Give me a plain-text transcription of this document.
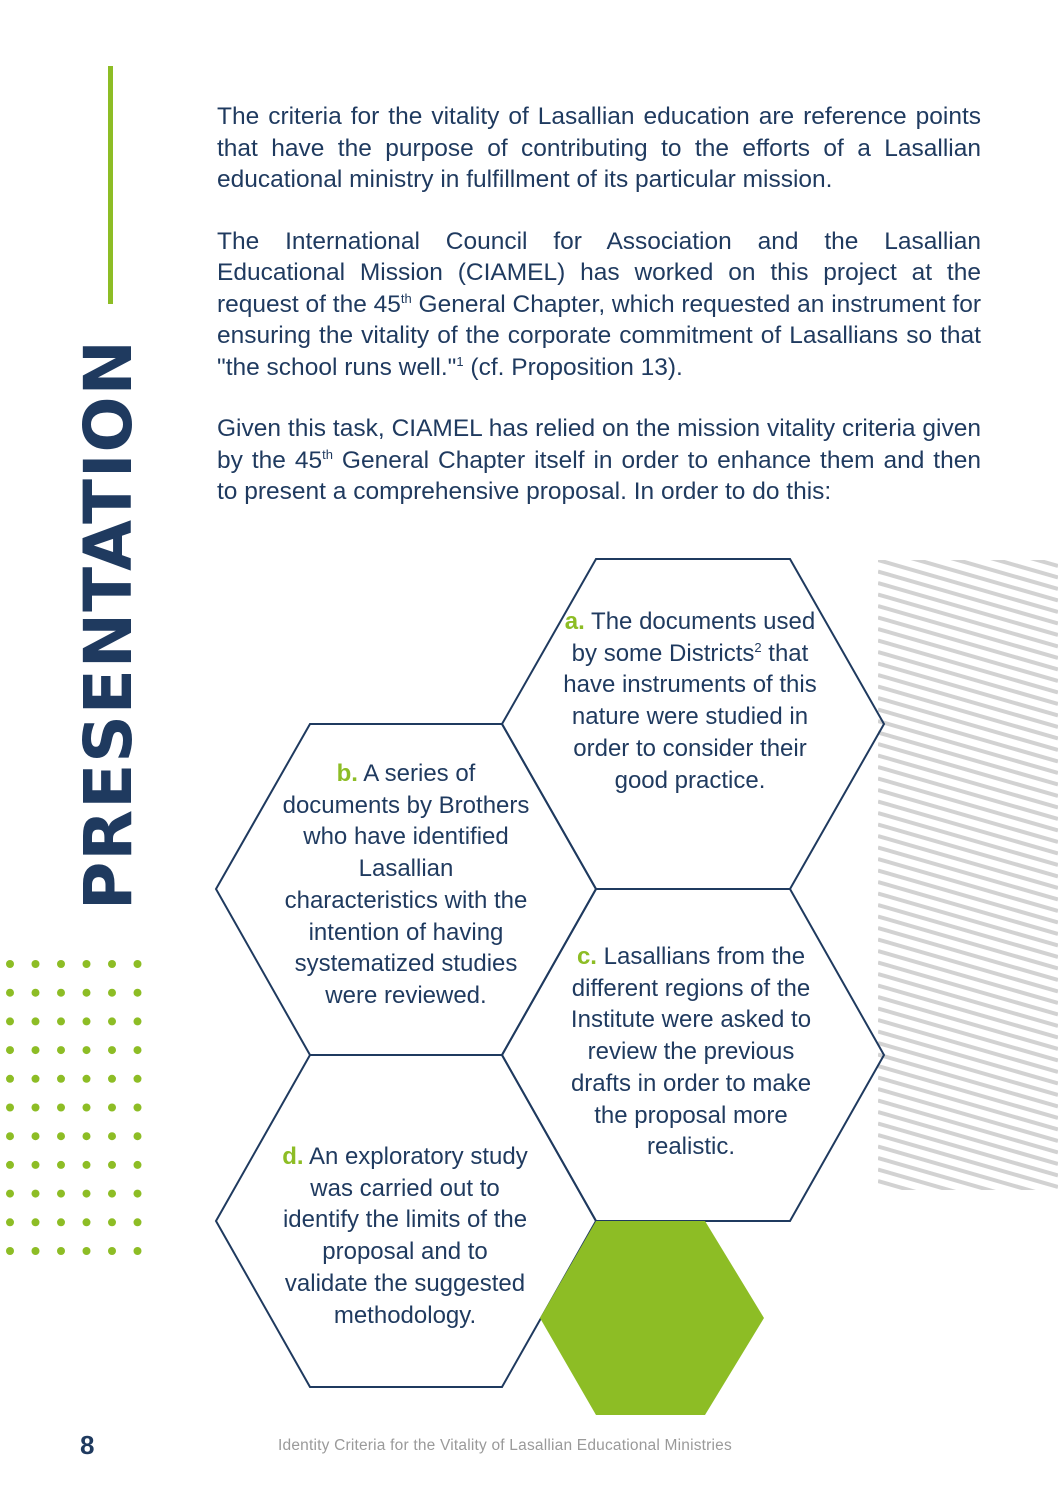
PRESENTATION

The criteria for the vitality of Lasallian education are reference points that have the purpose of contributing to the efforts of a Lasallian educational ministry in fulfillment of its particular mission.

The International Council for Association and the Lasallian Educational Mission (CIAMEL) has worked on this project at the request of the 45th General Chapter, which requested an instrument for ensuring the vitality of the corporate commitment of Lasallians so that "the school runs well."$^1$ (cf. Proposition 13).

Given this task, CIAMEL has relied on the mission vitality criteria given by the 45th General Chapter itself in order to enhance them and then to present a comprehensive proposal. In order to do this:

a. The documents used by some Districts$^2$ that have instruments of this nature were studied in order to consider their good practice.
b. A series of documents by Brothers who have identified Lasallian characteristics with the intention of having systematized studies were reviewed.
c. Lasallians from the different regions of the Institute were asked to review the previous drafts in order to make the proposal more realistic.
d. An exploratory study was carried out to identify the limits of the proposal and to validate the suggested methodology.
8	Identity Criteria for the Vitality of Lasallian Educational Ministries
